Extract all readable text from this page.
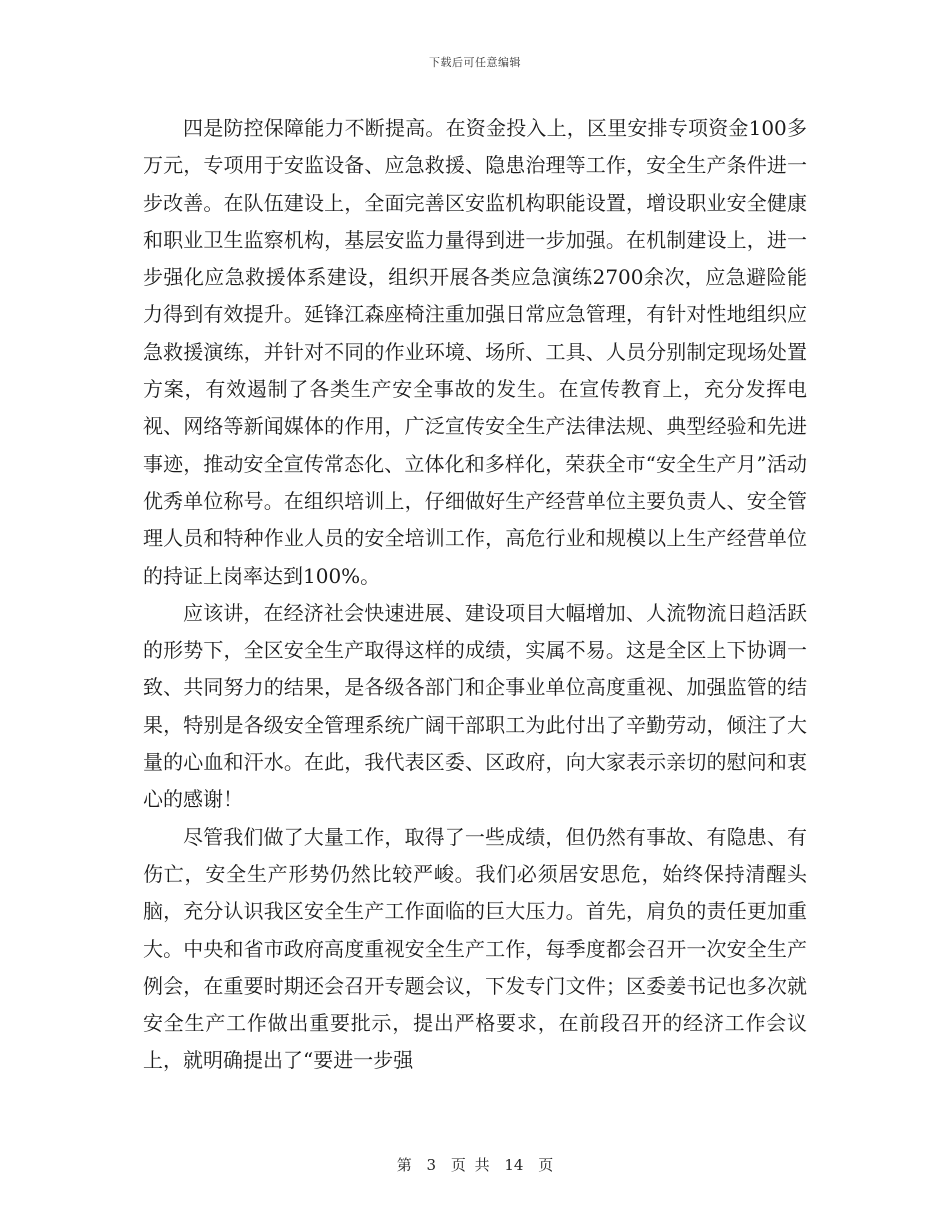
下载后可任意编辑

四是防控保障能力不断提高。在资金投入上，区里安排专项资金100多万元，专项用于安监设备、应急救援、隐患治理等工作，安全生产条件进一步改善。在队伍建设上，全面完善区安监机构职能设置，增设职业安全健康和职业卫生监察机构，基层安监力量得到进一步加强。在机制建设上，进一步强化应急救援体系建设，组织开展各类应急演练2700余次，应急避险能力得到有效提升。延锋江森座椅注重加强日常应急管理，有针对性地组织应急救援演练，并针对不同的作业环境、场所、工具、人员分别制定现场处置方案，有效遏制了各类生产安全事故的发生。在宣传教育上，充分发挥电视、网络等新闻媒体的作用，广泛宣传安全生产法律法规、典型经验和先进事迹，推动安全宣传常态化、立体化和多样化，荣获全市“安全生产月”活动优秀单位称号。在组织培训上，仔细做好生产经营单位主要负责人、安全管理人员和特种作业人员的安全培训工作，高危行业和规模以上生产经营单位的持证上岗率达到100%。

应该讲，在经济社会快速进展、建设项目大幅增加、人流物流日趋活跃的形势下，全区安全生产取得这样的成绩，实属不易。这是全区上下协调一致、共同努力的结果，是各级各部门和企事业单位高度重视、加强监管的结果，特别是各级安全管理系统广阔干部职工为此付出了辛勤劳动，倾注了大量的心血和汗水。在此，我代表区委、区政府，向大家表示亲切的慰问和衷心的感谢！

尽管我们做了大量工作，取得了一些成绩，但仍然有事故、有隐患、有伤亡，安全生产形势仍然比较严峻。我们必须居安思危，始终保持清醒头脑，充分认识我区安全生产工作面临的巨大压力。首先，肩负的责任更加重大。中央和省市政府高度重视安全生产工作，每季度都会召开一次安全生产例会，在重要时期还会召开专题会议，下发专门文件；区委姜书记也多次就安全生产工作做出重要批示，提出严格要求，在前段召开的经济工作会议上，就明确提出了“要进一步强

第 3 页 共 14 页
